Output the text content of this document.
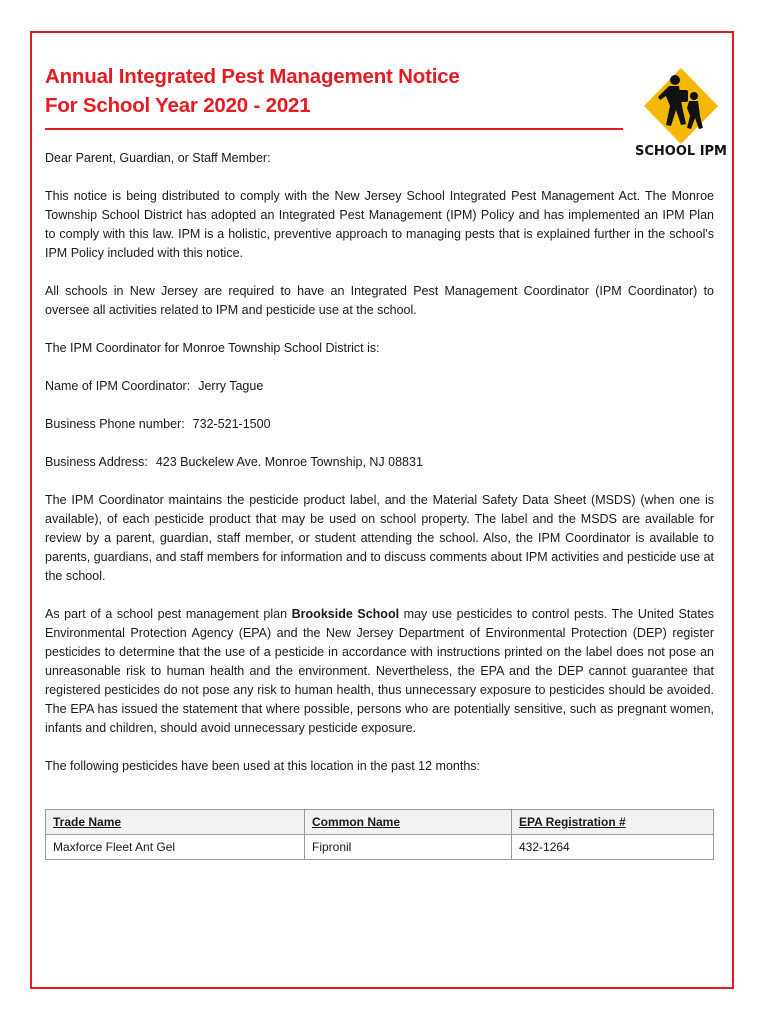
Annual Integrated Pest Management Notice
For School Year 2020 - 2021
SCHOOL IPM

Dear Parent, Guardian, or Staff Member:

This notice is being distributed to comply with the New Jersey School Integrated Pest Management Act. The Monroe Township School District has adopted an Integrated Pest Management (IPM) Policy and has implemented an IPM Plan to comply with this law. IPM is a holistic, preventive approach to managing pests that is explained further in the school's IPM Policy included with this notice.

All schools in New Jersey are required to have an Integrated Pest Management Coordinator (IPM Coordinator) to oversee all activities related to IPM and pesticide use at the school.

The IPM Coordinator for Monroe Township School District is:

Name of IPM Coordinator: Jerry Tague

Business Phone number: 732-521-1500

Business Address: 423 Buckelew Ave. Monroe Township, NJ 08831

The IPM Coordinator maintains the pesticide product label, and the Material Safety Data Sheet (MSDS) (when one is available), of each pesticide product that may be used on school property. The label and the MSDS are available for review by a parent, guardian, staff member, or student attending the school. Also, the IPM Coordinator is available to parents, guardians, and staff members for information and to discuss comments about IPM activities and pesticide use at the school.

As part of a school pest management plan Brookside School may use pesticides to control pests. The United States Environmental Protection Agency (EPA) and the New Jersey Department of Environmental Protection (DEP) register pesticides to determine that the use of a pesticide in accordance with instructions printed on the label does not pose an unreasonable risk to human health and the environment. Nevertheless, the EPA and the DEP cannot guarantee that registered pesticides do not pose any risk to human health, thus unnecessary exposure to pesticides should be avoided. The EPA has issued the statement that where possible, persons who are potentially sensitive, such as pregnant women, infants and children, should avoid unnecessary pesticide exposure.

The following pesticides have been used at this location in the past 12 months:

Trade Name	Common Name	EPA Registration #
Maxforce Fleet Ant Gel	Fipronil	432-1264
